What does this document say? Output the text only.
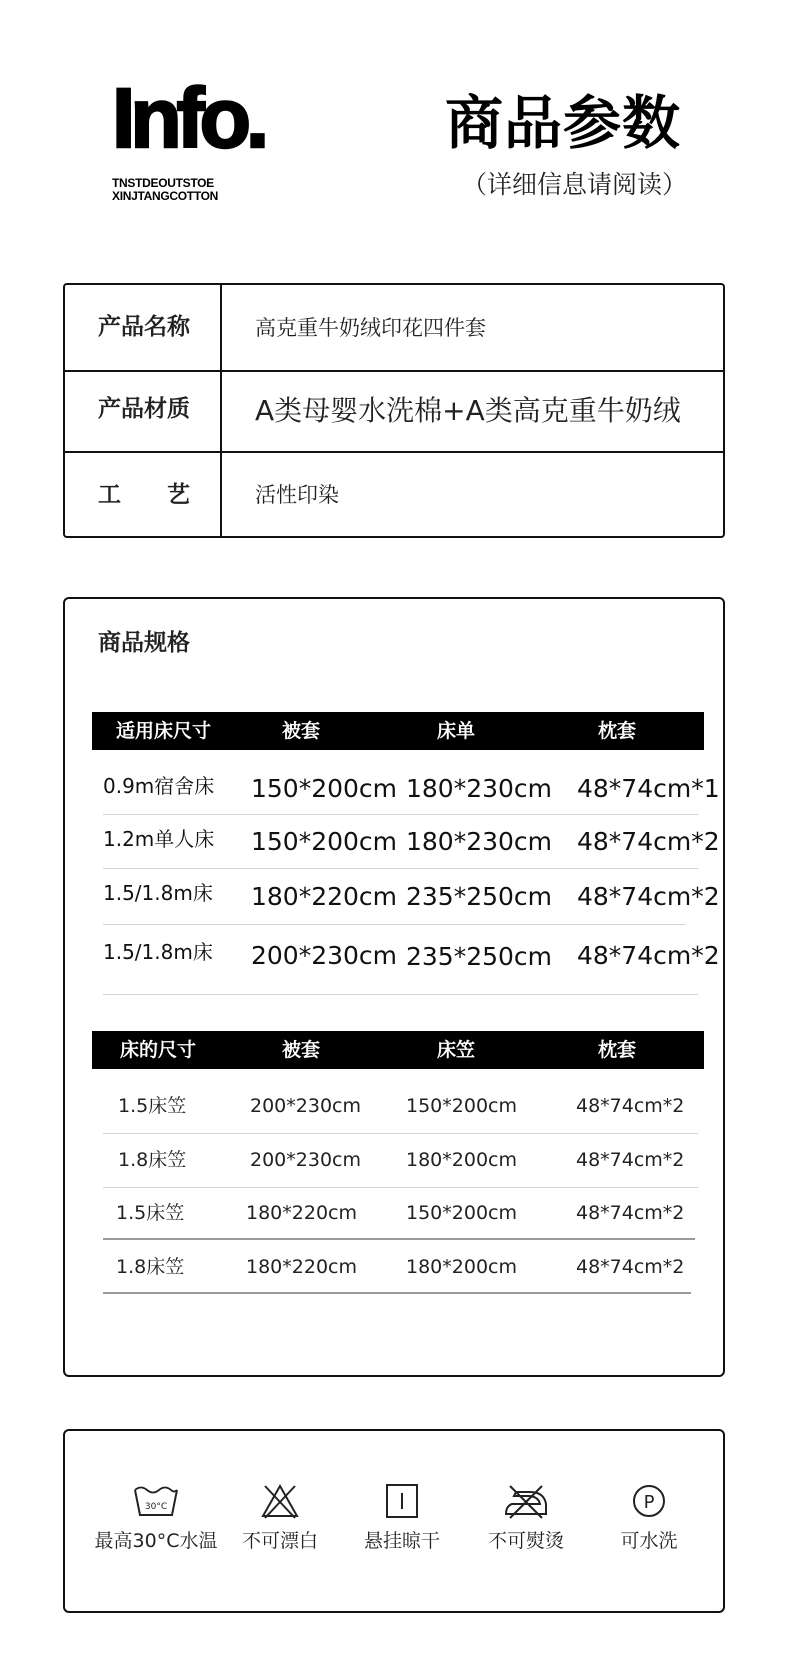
Info.
TNSTDEOUTSTOE
XINJTANGCOTTON
商品参数
（详细信息请阅读）
产品名称	高克重牛奶绒印花四件套
产品材质 A类母婴水洗棉+A类高克重牛奶绒
工　　艺	活性印染
商品规格
适用床尺寸	被套	床单	枕套
0.9m宿舍床 150*200cm 180*230cm 48*74cm*1
1.2m单人床 150*200cm 180*230cm 48*74cm*2
1.5/1.8m床 180*220cm 235*250cm 48*74cm*2
1.5/1.8m床 200*230cm 235*250cm 48*74cm*2
床的尺寸	被套	床笠	枕套
1.5床笠	200*230cm 150*200cm	48*74cm*2
1.8床笠	200*230cm 180*200cm	48*74cm*2
1.5床笠	180*220cm	150*200cm	48*74cm*2
1.8床笠	180*220cm	180*200cm	48*74cm*2
30°C
最高30°C水温	不可漂白	悬挂晾干	不可熨烫
P
可水洗
